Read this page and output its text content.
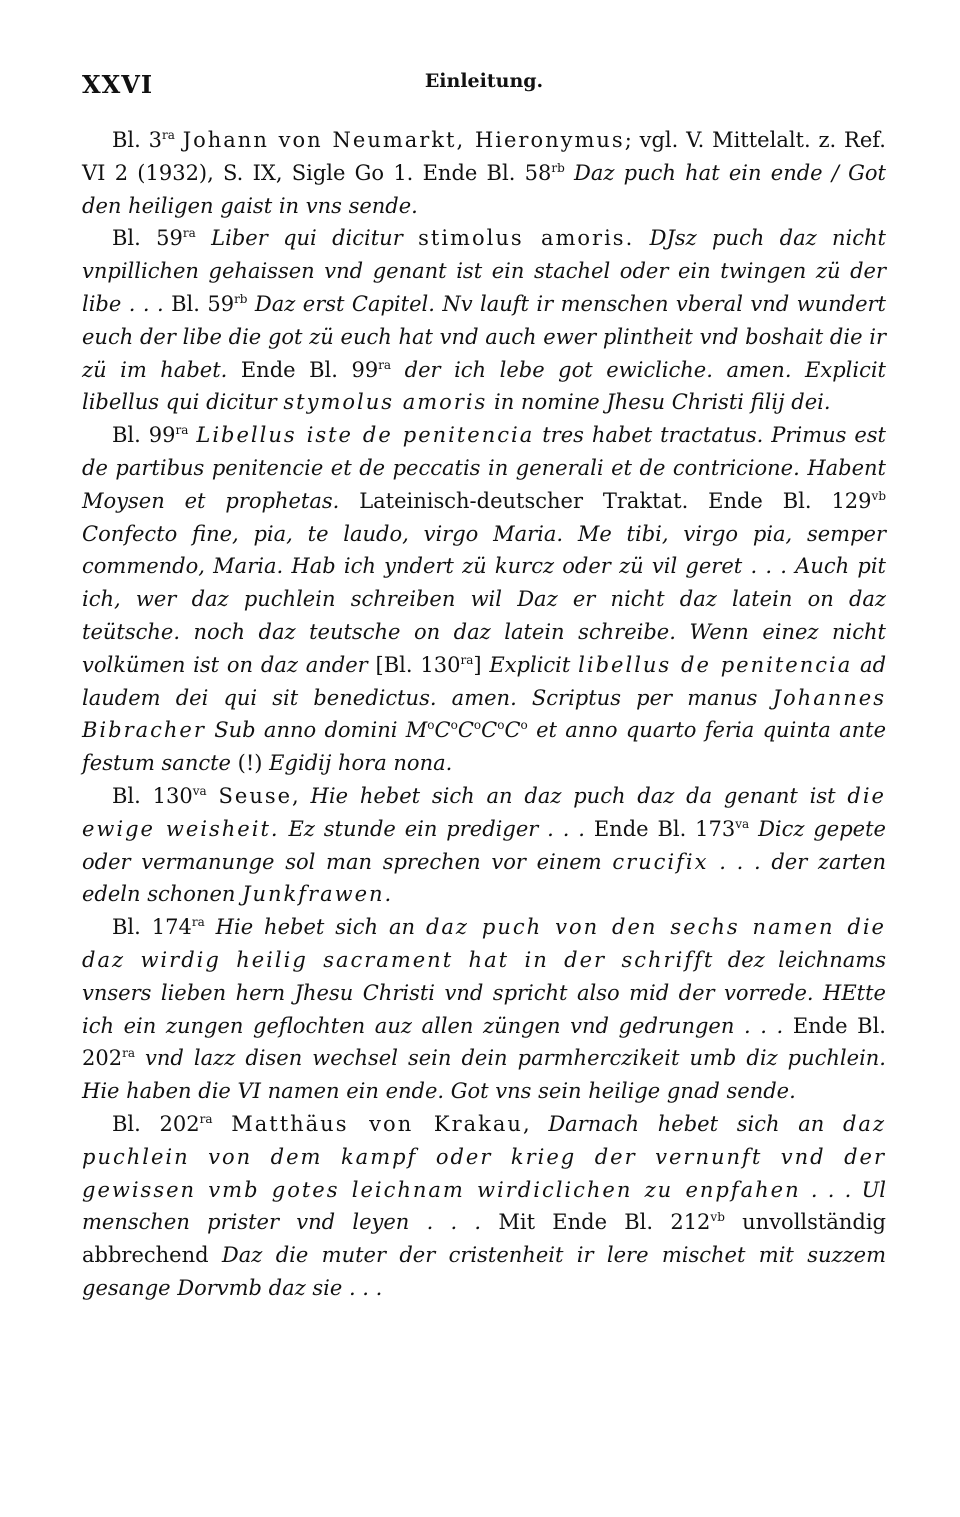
XXVI	Einleitung.

Bl. $3^{ra}$ Johann von Neumarkt, Hieronymus; vgl. V. Mittelalt. z. Ref. VI 2 (1932), S. IX, Sigle Go 1. Ende Bl. $58^{rb}$ Daz puch hat ein ende / Got den heiligen gaist in vns sende.

Bl. $59^{ra}$ Liber qui dicitur stimolus amoris. DJsz puch daz nicht vnpillichen gehaissen vnd genant ist ein stachel oder ein twingen zü der libe . . . Bl. $59^{rb}$ Daz erst Capitel. Nv lauft ir menschen vberal vnd wundert euch der libe die got zü euch hat vnd auch ewer plintheit vnd boshait die ir zü im habet. Ende Bl. $99^{ra}$ der ich lebe got ewicliche. amen. Explicit libellus qui dicitur stymolus amoris in nomine Jhesu Christi filij dei.

Bl. $99^{ra}$ Libellus iste de penitencia tres habet tractatus. Primus est de partibus penitencie et de peccatis in generali et de contricione. Habent Moysen et prophetas. Lateinisch-deutscher Traktat. Ende Bl. $129^{vb}$ Confecto fine, pia, te laudo, virgo Maria. Me tibi, virgo pia, semper commendo, Maria. Hab ich yndert zü kurcz oder zü vil geret . . . Auch pit ich, wer daz puchlein schreiben wil Daz er nicht daz latein on daz teütsche. noch daz teutsche on daz latein schreibe. Wenn einez nicht volkümen ist on daz ander [Bl. $130^{ra}$] Explicit libellus de penitencia ad laudem dei qui sit benedictus. amen. Scriptus per manus Johannes Bibracher Sub anno domini $M^oC^oC^oC^oC^o$ et anno quarto feria quinta ante festum sancte (!) Egidij hora nona.

Bl. $130^{va}$ Seuse, Hie hebet sich an daz puch daz da genant ist die ewige weisheit. Ez stunde ein prediger . . . Ende Bl. $173^{va}$ Dicz gepete oder vermanunge sol man sprechen vor einem crucifix . . . der zarten edeln schonen Junkfrawen.

Bl. $174^{ra}$ Hie hebet sich an daz puch von den sechs namen die daz wirdig heilig sacrament hat in der schrifft dez leichnams vnsers lieben hern Jhesu Christi vnd spricht also mid der vorrede. HEtte ich ein zungen geflochten auz allen züngen vnd gedrungen . . . Ende Bl. $202^{ra}$ vnd lazz disen wechsel sein dein parmherczikeit umb diz puchlein. Hie haben die VI namen ein ende. Got vns sein heilige gnad sende.

Bl. $202^{ra}$ Matthäus von Krakau, Darnach hebet sich an daz puchlein von dem kampf oder krieg der vernunft vnd der gewissen vmb gotes leichnam wirdiclichen zu enpfahen . . . Ul menschen prister vnd leyen . . . Mit Ende Bl. $212^{vb}$ unvollständig abbrechend Daz die muter der cristenheit ir lere mischet mit suzzem gesange Dorvmb daz sie . . .
